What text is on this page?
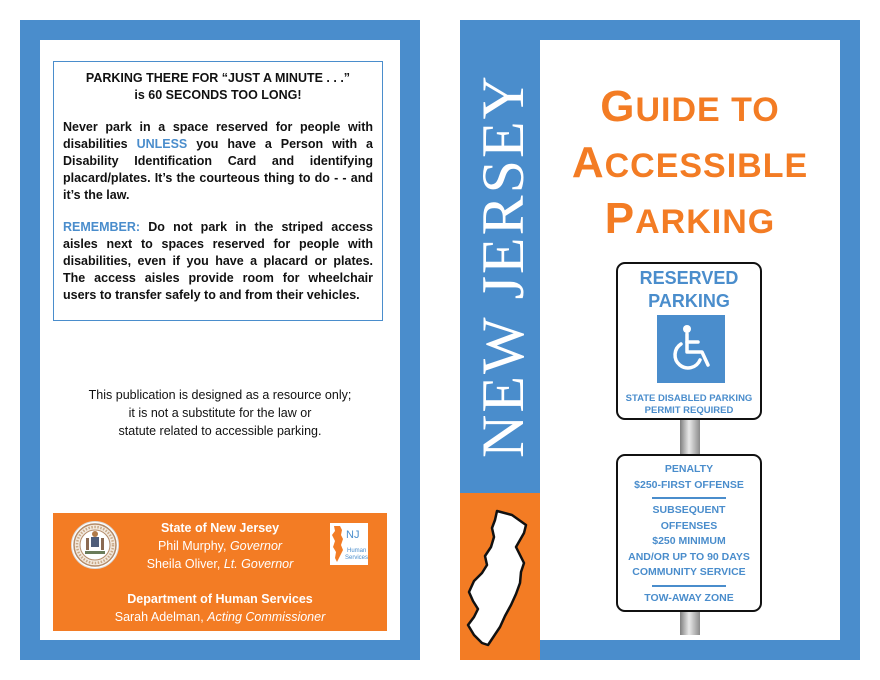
PARKING THERE FOR “JUST A MINUTE . . .”
is 60 SECONDS TOO LONG!
Never park in a space reserved for people with disabilities UNLESS you have a Person with a Disability Identification Card and identifying placard/plates. It’s the courteous thing to do - - and it’s the law.
REMEMBER: Do not park in the striped access aisles next to spaces reserved for people with disabilities, even if you have a placard or plates. The access aisles provide room for wheelchair users to transfer safely to and from their vehicles.
This publication is designed as a resource only;
it is not a substitute for the law or
statute related to accessible parking.
State of New Jersey
Phil Murphy, Governor
Sheila Oliver, Lt. Governor
Department of Human Services
Sarah Adelman, Acting Commissioner
NJ
Human
Services
NEW JERSEY	GUIDE TO
ACCESSIBLE
PARKING
RESERVED
PARKING
STATE DISABLED PARKING
PERMIT REQUIRED
PENALTY
$250-FIRST OFFENSE
SUBSEQUENT
OFFENSES
$250 MINIMUM
AND/OR UP TO 90 DAYS
COMMUNITY SERVICE
TOW-AWAY ZONE
